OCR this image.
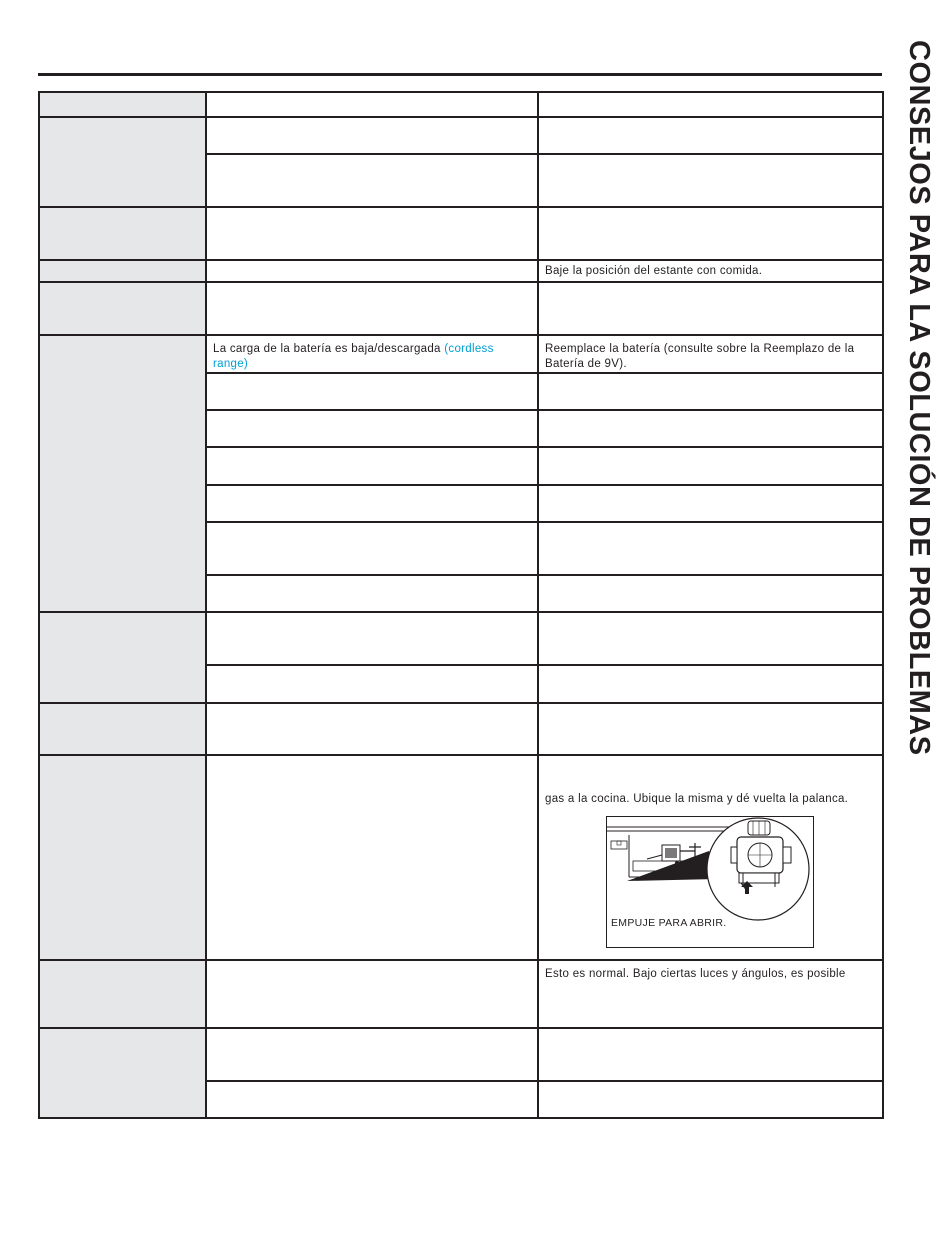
CONSEJOS PARA LA SOLUCIÓN DE PROBLEMAS

		Baje la posición del estante con comida.

	La carga de la batería es baja/descargada (cordless range)	Reemplace la batería (consulte sobre la Reemplazo de la Batería de 9V).

		gas a la cocina. Ubique la misma y dé vuelta la palanca.
EMPUJE PARA ABRIR.

		Esto es normal. Bajo ciertas luces y ángulos, es posible
